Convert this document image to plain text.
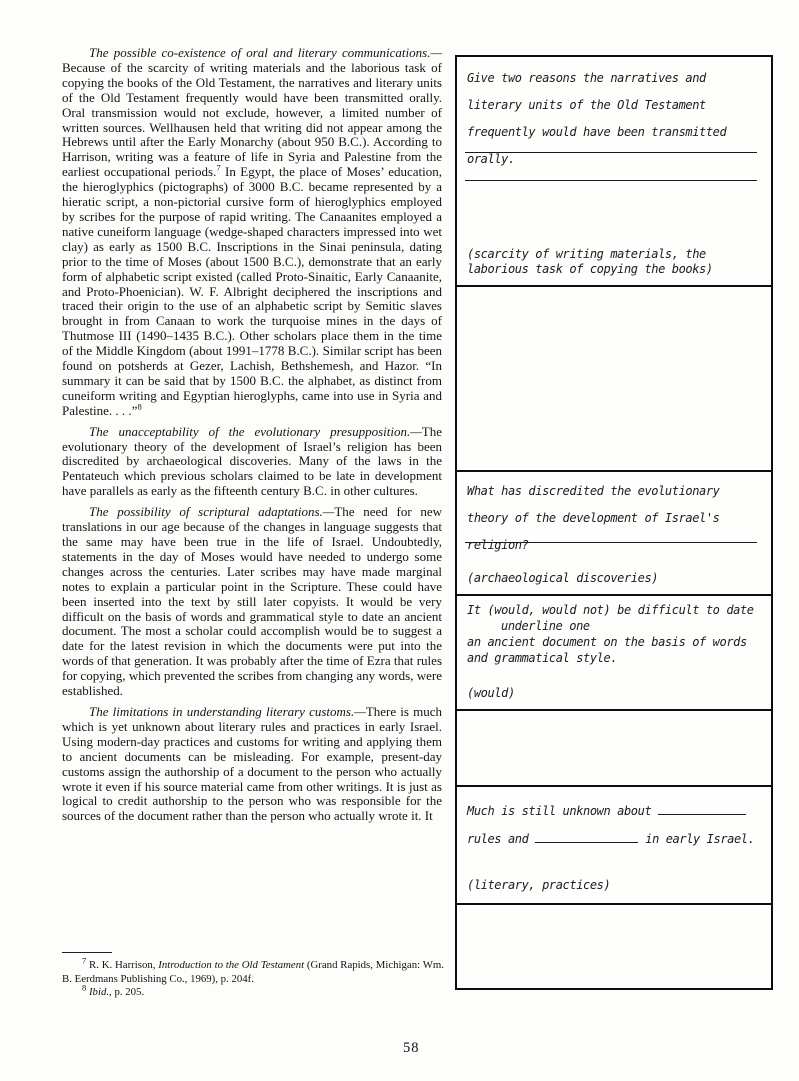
The possible co-existence of oral and literary communications.—Because of the scarcity of writing materials and the laborious task of copying the books of the Old Testament, the narratives and literary units of the Old Testament frequently would have been transmitted orally. Oral transmission would not exclude, however, a limited number of written sources. Wellhausen held that writing did not appear among the Hebrews until after the Early Monarchy (about 950 B.C.). According to Harrison, writing was a feature of life in Syria and Palestine from the earliest occupational periods.$^7$ In Egypt, the place of Moses’ education, the hieroglyphics (pictographs) of 3000 B.C. became represented by a hieratic script, a non-pictorial cursive form of hieroglyphics employed by scribes for the purpose of rapid writing. The Canaanites employed a native cuneiform language (wedge-shaped characters impressed into wet clay) as early as 1500 B.C. Inscriptions in the Sinai peninsula, dating prior to the time of Moses (about 1500 B.C.), demonstrate that an early form of alphabetic script existed (called Proto-Sinaitic, Early Canaanite, and Proto-Phoenician). W. F. Albright deciphered the inscriptions and traced their origin to the use of an alphabetic script by Semitic slaves brought in from Canaan to work the turquoise mines in the days of Thutmose III (1490–1435 B.C.). Other scholars place them in the time of the Middle Kingdom (about 1991–1778 B.C.). Similar script has been found on potsherds at Gezer, Lachish, Bethshemesh, and Hazor. “In summary it can be said that by 1500 B.C. the alphabet, as distinct from cuneiform writing and Egyptian hieroglyphs, came into use in Syria and Palestine. . . .”$^8$

The unacceptability of the evolutionary presupposition.—The evolutionary theory of the development of Israel’s religion has been discredited by archaeological discoveries. Many of the laws in the Pentateuch which previous scholars claimed to be late in development have parallels as early as the fifteenth century B.C. in other cultures.

The possibility of scriptural adaptations.—The need for new translations in our age because of the changes in language suggests that the same may have been true in the life of Israel. Undoubtedly, statements in the day of Moses would have needed to undergo some changes across the centuries. Later scribes may have made marginal notes to explain a particular point in the Scripture. These could have been inserted into the text by still later copyists. It would be very difficult on the basis of words and grammatical style to date an ancient document. The most a scholar could accomplish would be to suggest a date for the latest revision in which the documents were put into the words of that generation. It was probably after the time of Ezra that rules for copying, which prevented the scribes from changing any words, were established.

The limitations in understanding literary customs.—There is much which is yet unknown about literary rules and practices in early Israel. Using modern-day practices and customs for writing and applying them to ancient documents can be misleading. For example, present-day customs assign the authorship of a document to the person who actually wrote it even if his source material came from other writings. It is just as logical to credit authorship to the person who was responsible for the sources of the document rather than the person who actually wrote it. It

$^7$ R. K. Harrison, Introduction to the Old Testament (Grand Rapids, Michigan: Wm. B. Eerdmans Publishing Co., 1969), p. 204f.

$^8$ Ibid., p. 205.

58
Give two reasons the narratives and literary units of the Old Testament frequently would have been transmitted orally.
(scarcity of writing materials, the laborious task of copying the books)
What has discredited the evolutionary theory of the development of Israel's religion?
(archaeological discoveries)
It (would, would not) be difficult to date
underline one
an ancient document on the basis of words
and grammatical style.
(would)
Much is still unknown about
rules and	in early Israel.
(literary, practices)
